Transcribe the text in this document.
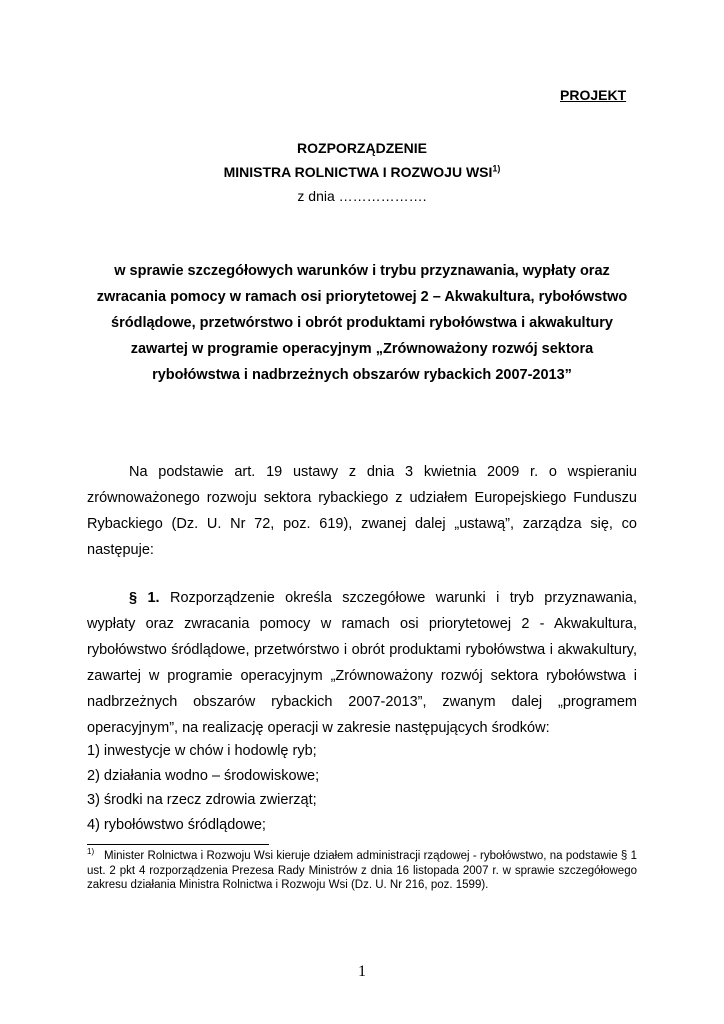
PROJEKT
ROZPORZĄDZENIE
MINISTRA ROLNICTWA I ROZWOJU WSI$^{1)}$
z dnia ……………….
w sprawie szczegółowych warunków i trybu przyznawania, wypłaty oraz zwracania pomocy w ramach osi priorytetowej 2 – Akwakultura, rybołówstwo śródlądowe, przetwórstwo i obrót produktami rybołówstwa i akwakultury zawartej w programie operacyjnym „Zrównoważony rozwój sektora rybołówstwa i nadbrzeżnych obszarów rybackich 2007-2013”

Na podstawie art. 19 ustawy z dnia 3 kwietnia 2009 r. o wspieraniu zrównoważonego rozwoju sektora rybackiego z udziałem Europejskiego Funduszu Rybackiego (Dz. U. Nr 72, poz. 619), zwanej dalej „ustawą”, zarządza się, co następuje:

§ 1. Rozporządzenie określa szczegółowe warunki i tryb przyznawania, wypłaty oraz zwracania pomocy w ramach osi priorytetowej 2 - Akwakultura, rybołówstwo śródlądowe, przetwórstwo i obrót produktami rybołówstwa i akwakultury, zawartej w programie operacyjnym „Zrównoważony rozwój sektora rybołówstwa i nadbrzeżnych obszarów rybackich 2007-2013”, zwanym dalej „programem operacyjnym”, na realizację operacji w zakresie następujących środków:

1) inwestycje w chów i hodowlę ryb;
2) działania wodno – środowiskowe;
3) środki na rzecz zdrowia zwierząt;
4) rybołówstwo śródlądowe;
$^{1)}$ Minister Rolnictwa i Rozwoju Wsi kieruje działem administracji rządowej - rybołówstwo, na podstawie § 1 ust. 2 pkt 4 rozporządzenia Prezesa Rady Ministrów z dnia 16 listopada 2007 r. w sprawie szczegółowego zakresu działania Ministra Rolnictwa i Rozwoju Wsi (Dz. U. Nr 216, poz. 1599).
1
